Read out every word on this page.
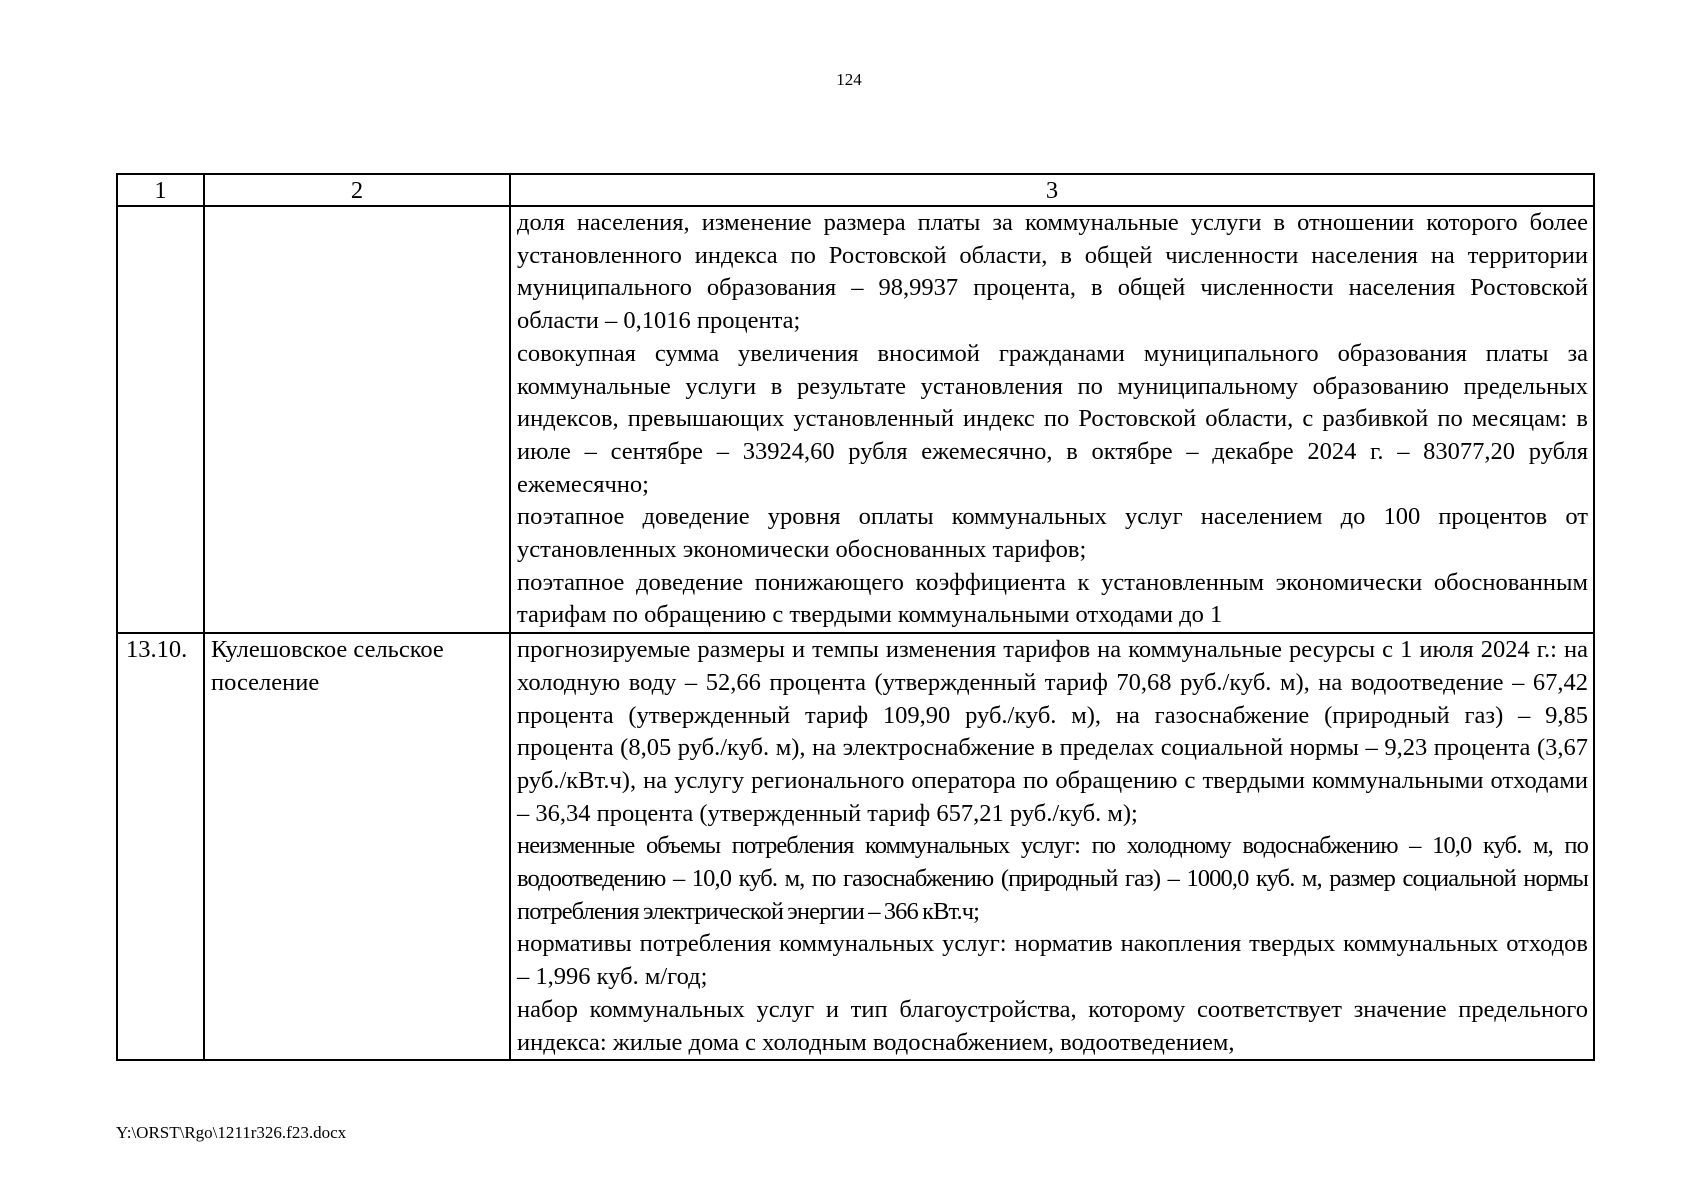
124
1	2	3

		доля населения, изменение размера платы за коммунальные услуги в отношении которого более установленного индекса по Ростовской области, в общей численности населения на территории муниципального образования – 98,9937 процента, в общей численности населения Ростовской области – 0,1016 процента;
совокупная сумма увеличения вносимой гражданами муниципального образования платы за коммунальные услуги в результате установления по муниципальному образованию предельных индексов, превышающих установленный индекс по Ростовской области, с разбивкой по месяцам: в июле – сентябре – 33924,60 рубля ежемесячно, в октябре – декабре 2024 г. – 83077,20 рубля ежемесячно;
поэтапное доведение уровня оплаты коммунальных услуг населением до 100 процентов от установленных экономически обоснованных тарифов;
поэтапное доведение понижающего коэффициента к установленным экономически обоснованным тарифам по обращению с твердыми коммунальными отходами до 1

13.10.	Кулешовское сельское поселение	прогнозируемые размеры и темпы изменения тарифов на коммунальные ресурсы с 1 июля 2024 г.: на холодную воду – 52,66 процента (утвержденный тариф 70,68 руб./куб. м), на водоотведение – 67,42 процента (утвержденный тариф 109,90 руб./куб. м), на газоснабжение (природный газ) – 9,85 процента (8,05 руб./куб. м), на электроснабжение в пределах социальной нормы – 9,23 процента (3,67 руб./кВт.ч), на услугу регионального оператора по обращению с твердыми коммунальными отходами – 36,34 процента (утвержденный тариф 657,21 руб./куб. м);
неизменные объемы потребления коммунальных услуг: по холодному водоснабжению – 10,0 куб. м, по водоотведению – 10,0 куб. м, по газоснабжению (природный газ) – 1000,0 куб. м, размер социальной нормы потребления электрической энергии – 366 кВт.ч;
нормативы потребления коммунальных услуг: норматив накопления твердых коммунальных отходов – 1,996 куб. м/год;
набор коммунальных услуг и тип благоустройства, которому соответствует значение предельного индекса: жилые дома с холодным водоснабжением, водоотведением,
Y:\ORST\Rgo\1211r326.f23.docx
